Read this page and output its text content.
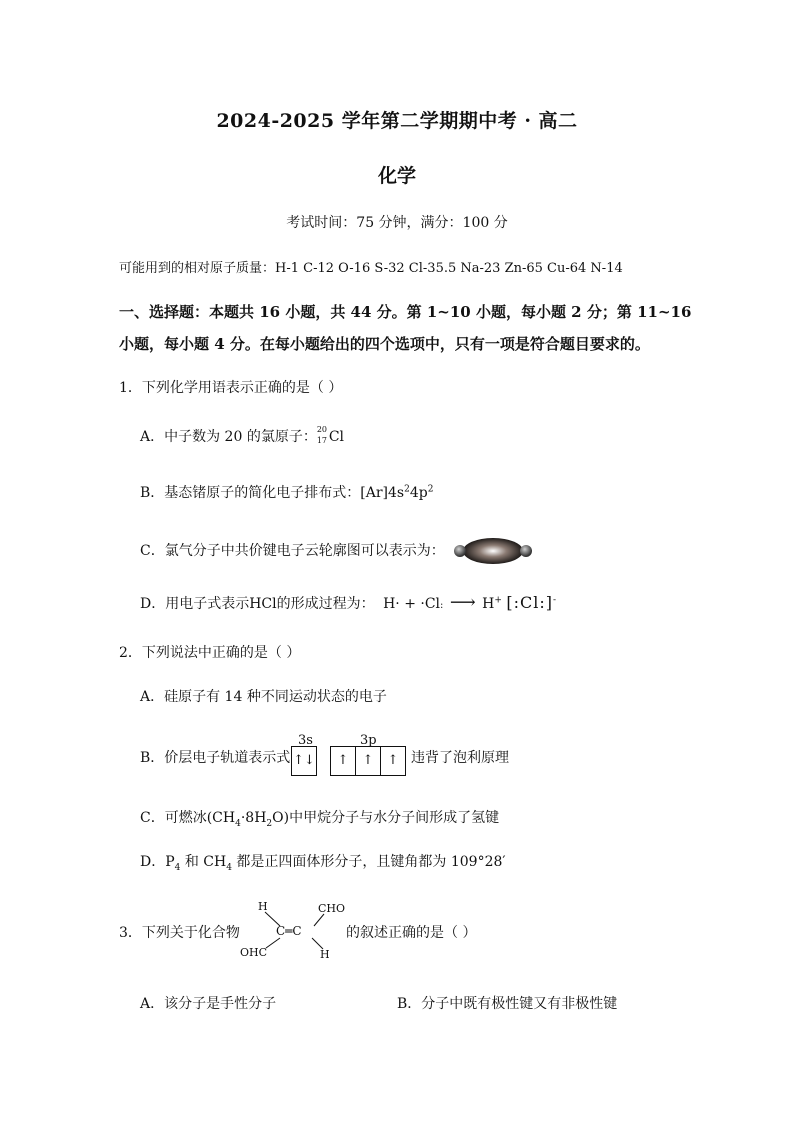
2024-2025 学年第二学期期中考 · 高二
化学
考试时间：75 分钟，满分：100 分
可能用到的相对原子质量：H-1 C-12 O-16 S-32 Cl-35.5 Na-23 Zn-65 Cu-64 N-14
一、选择题：本题共 16 小题，共 44 分。第 1~10 小题，每小题 2 分；第 11~16
小题，每小题 4 分。在每小题给出的四个选项中，只有一项是符合题目要求的。
1．下列化学用语表示正确的是（ ）
A．中子数为 20 的氯原子： 20
17 Cl
B．基态锗原子的简化电子排布式：$[Ar]4s^24p^2$
C．氯气分子中共价键电子云轮廓图可以表示为：
D．用电子式表示HCl的形成过程为： H· + ·Cl: ⟶ H+ [:Cl:]-
2．下列说法中正确的是（ ）
A．硅原子有 14 种不同运动状态的电子
3s	3p
B．价层电子轨道表示式 ↑↓	↑	↑	↑ 违背了泡利原理
C．可燃冰$(CH_4\cdot 8H_2O)$中甲烷分子与水分子间形成了氢键
D．$P_4$ 和 $CH_4$ 都是正四面体形分子，且键角都为 109°28′
3．下列关于化合物
H	CHO
C═C
OHC	H
的叙述正确的是（ ）
A．该分子是手性分子	B．分子中既有极性键又有非极性键
